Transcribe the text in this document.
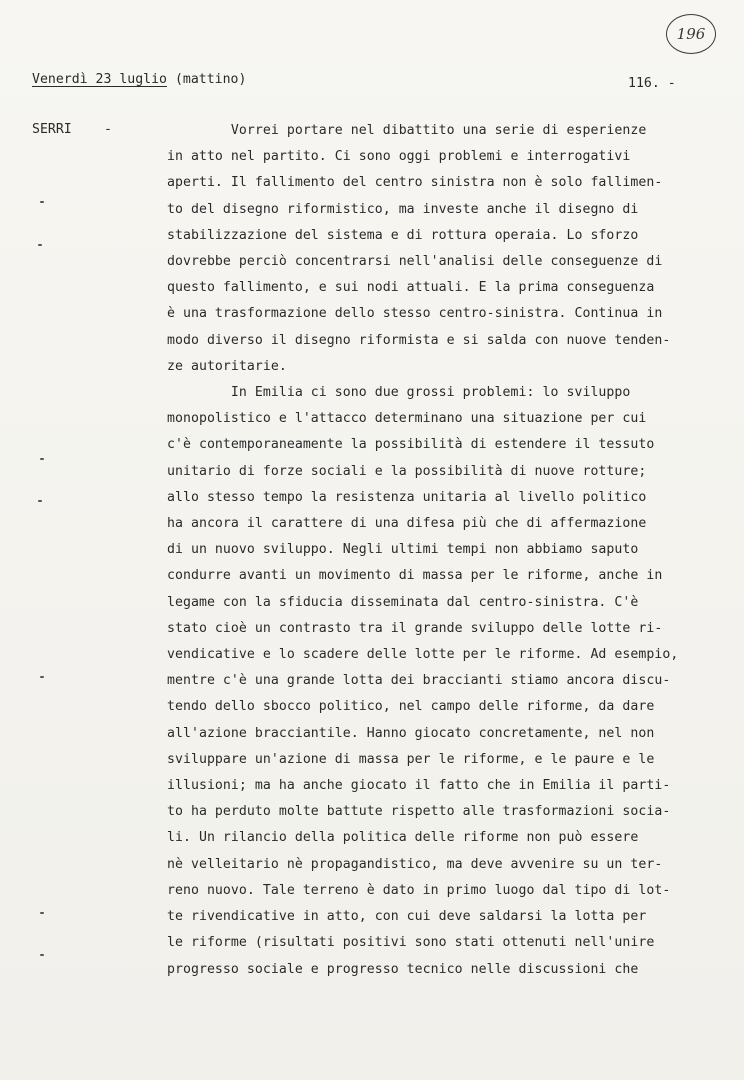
196
Venerdì 23 luglio (mattino)	116. -
SERRI -	Vorrei portare nel dibattito una serie di esperienze
in atto nel partito. Ci sono oggi problemi e interrogativi
aperti. Il fallimento del centro sinistra non è solo fallimen-
to del disegno riformistico, ma investe anche il disegno di
stabilizzazione del sistema e di rottura operaia. Lo sforzo
dovrebbe perciò concentrarsi nell'analisi delle conseguenze di
questo fallimento, e sui nodi attuali. E la prima conseguenza
è una trasformazione dello stesso centro-sinistra. Continua in
modo diverso il disegno riformista e si salda con nuove tenden-
ze autoritarie.
In Emilia ci sono due grossi problemi: lo sviluppo
monopolistico e l'attacco determinano una situazione per cui
c'è contemporaneamente la possibilità di estendere il tessuto
unitario di forze sociali e la possibilità di nuove rotture;
allo stesso tempo la resistenza unitaria al livello politico
ha ancora il carattere di una difesa più che di affermazione
di un nuovo sviluppo. Negli ultimi tempi non abbiamo saputo
condurre avanti un movimento di massa per le riforme, anche in
legame con la sfiducia disseminata dal centro-sinistra. C'è
stato cioè un contrasto tra il grande sviluppo delle lotte ri-
vendicative e lo scadere delle lotte per le riforme. Ad esempio,
mentre c'è una grande lotta dei braccianti stiamo ancora discu-
tendo dello sbocco politico, nel campo delle riforme, da dare
all'azione bracciantile. Hanno giocato concretamente, nel non
sviluppare un'azione di massa per le riforme, e le paure e le
illusioni; ma ha anche giocato il fatto che in Emilia il parti-
to ha perduto molte battute rispetto alle trasformazioni socia-
li. Un rilancio della politica delle riforme non può essere
nè velleitario nè propagandistico, ma deve avvenire su un ter-
reno nuovo. Tale terreno è dato in primo luogo dal tipo di lot-
te rivendicative in atto, con cui deve saldarsi la lotta per
le riforme (risultati positivi sono stati ottenuti nell'unire
progresso sociale e progresso tecnico nelle discussioni che
